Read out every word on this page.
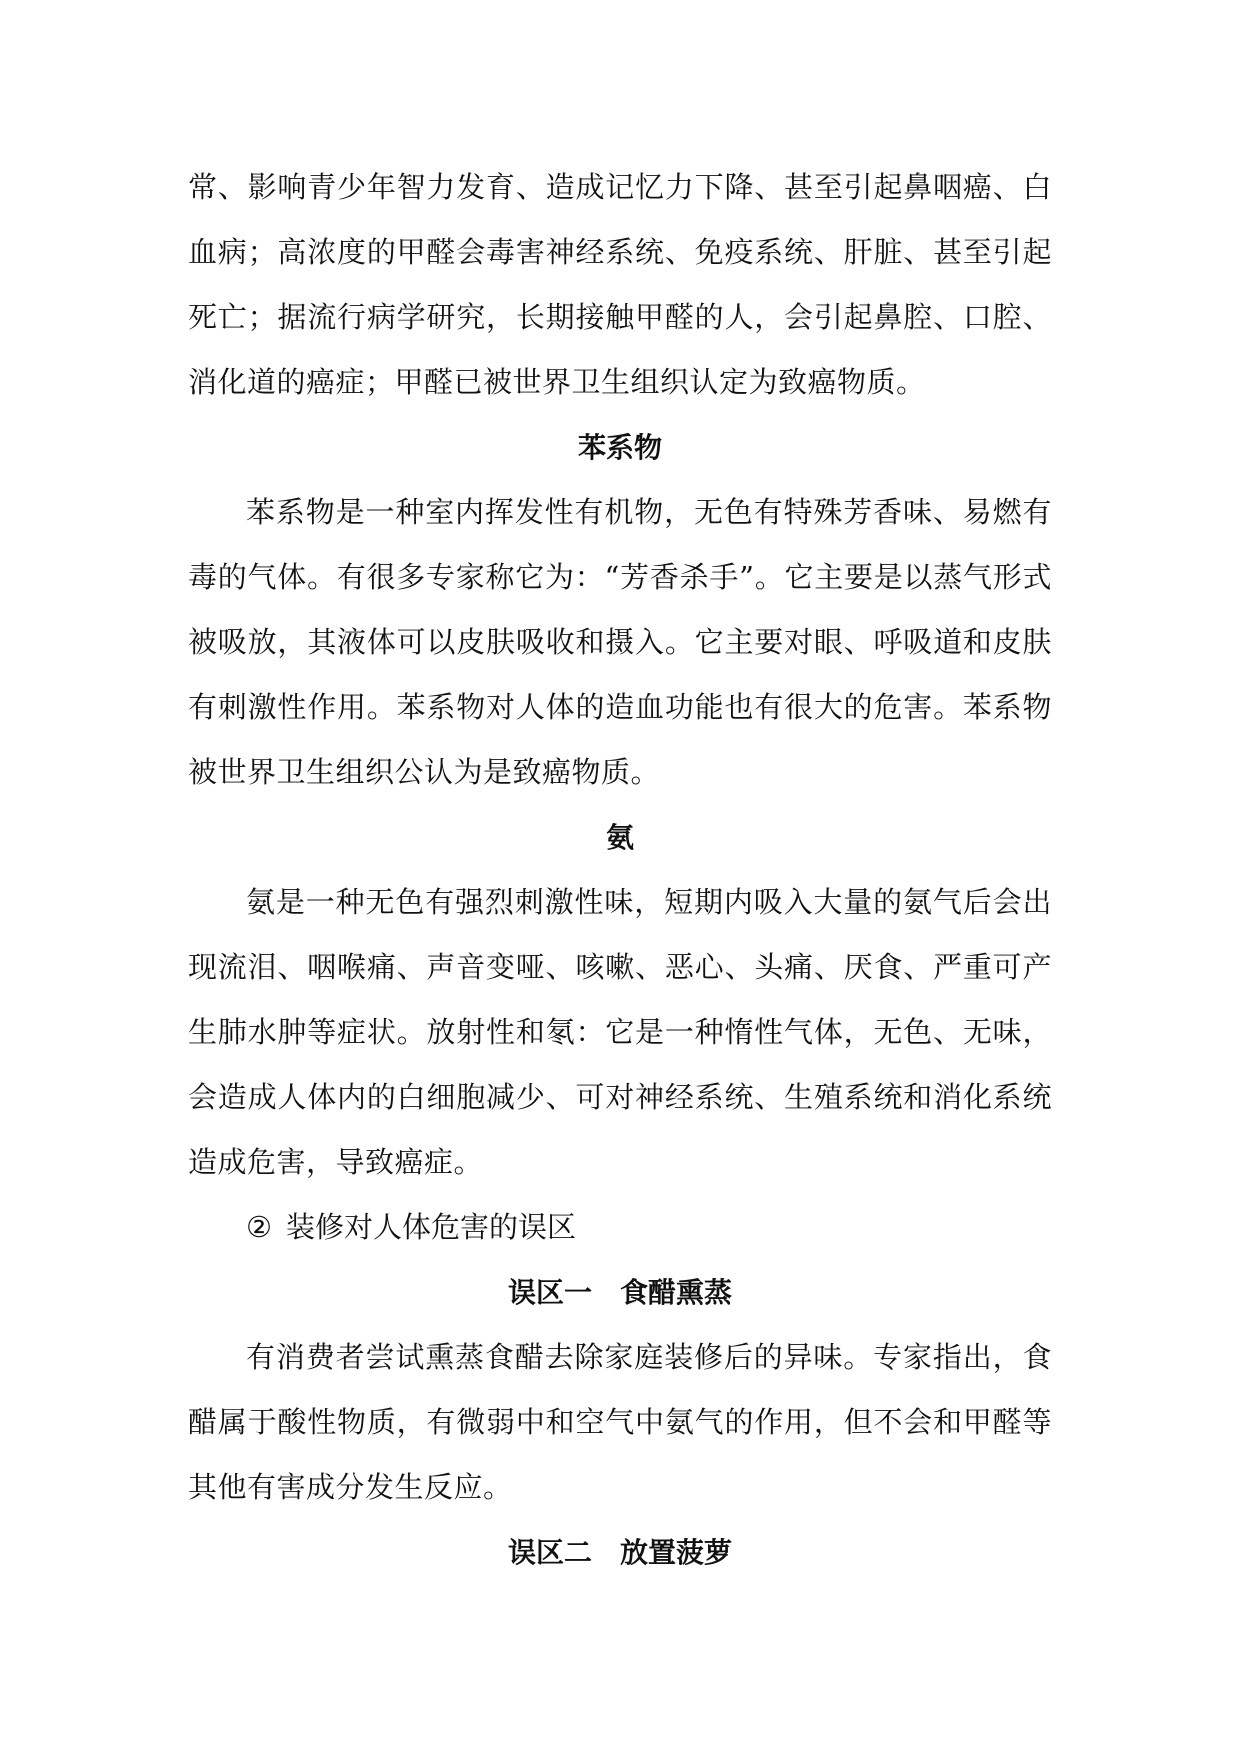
常、影响青少年智力发育、造成记忆力下降、甚至引起鼻咽癌、白血病；高浓度的甲醛会毒害神经系统、免疫系统、肝脏、甚至引起死亡；据流行病学研究，长期接触甲醛的人，会引起鼻腔、口腔、消化道的癌症；甲醛已被世界卫生组织认定为致癌物质。

苯系物

苯系物是一种室内挥发性有机物，无色有特殊芳香味、易燃有毒的气体。有很多专家称它为：“芳香杀手”。它主要是以蒸气形式被吸放，其液体可以皮肤吸收和摄入。它主要对眼、呼吸道和皮肤有刺激性作用。苯系物对人体的造血功能也有很大的危害。苯系物被世界卫生组织公认为是致癌物质。

氨

氨是一种无色有强烈刺激性味，短期内吸入大量的氨气后会出现流泪、咽喉痛、声音变哑、咳嗽、恶心、头痛、厌食、严重可产生肺水肿等症状。放射性和氡：它是一种惰性气体，无色、无味，会造成人体内的白细胞减少、可对神经系统、生殖系统和消化系统造成危害，导致癌症。

② 装修对人体危害的误区

误区一　食醋熏蒸

有消费者尝试熏蒸食醋去除家庭装修后的异味。专家指出，食醋属于酸性物质，有微弱中和空气中氨气的作用，但不会和甲醛等其他有害成分发生反应。

误区二　放置菠萝
